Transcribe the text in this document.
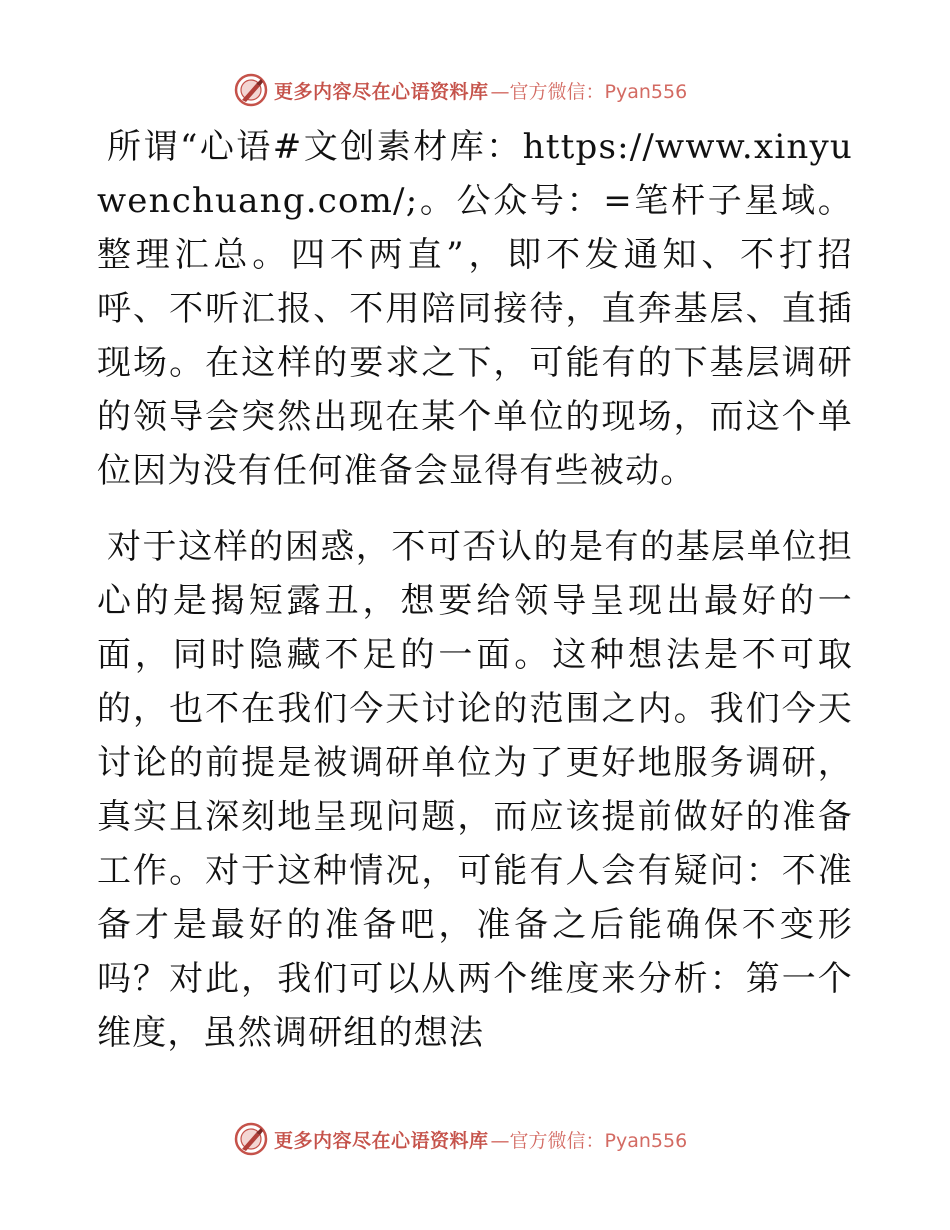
更多内容尽在心语资料库 —官方微信：Pyan556

所谓“心语#文创素材库：https://www.xinyuwenchuang.com/;。公众号：=笔杆子星域。整理汇总。四不两直”，即不发通知、不打招呼、不听汇报、不用陪同接待，直奔基层、直插现场。在这样的要求之下，可能有的下基层调研的领导会突然出现在某个单位的现场，而这个单位因为没有任何准备会显得有些被动。

对于这样的困惑，不可否认的是有的基层单位担心的是揭短露丑，想要给领导呈现出最好的一面，同时隐藏不足的一面。这种想法是不可取的，也不在我们今天讨论的范围之内。我们今天讨论的前提是被调研单位为了更好地服务调研，真实且深刻地呈现问题，而应该提前做好的准备工作。对于这种情况，可能有人会有疑问：不准备才是最好的准备吧，准备之后能确保不变形吗？对此，我们可以从两个维度来分析：第一个维度，虽然调研组的想法

更多内容尽在心语资料库 —官方微信：Pyan556
